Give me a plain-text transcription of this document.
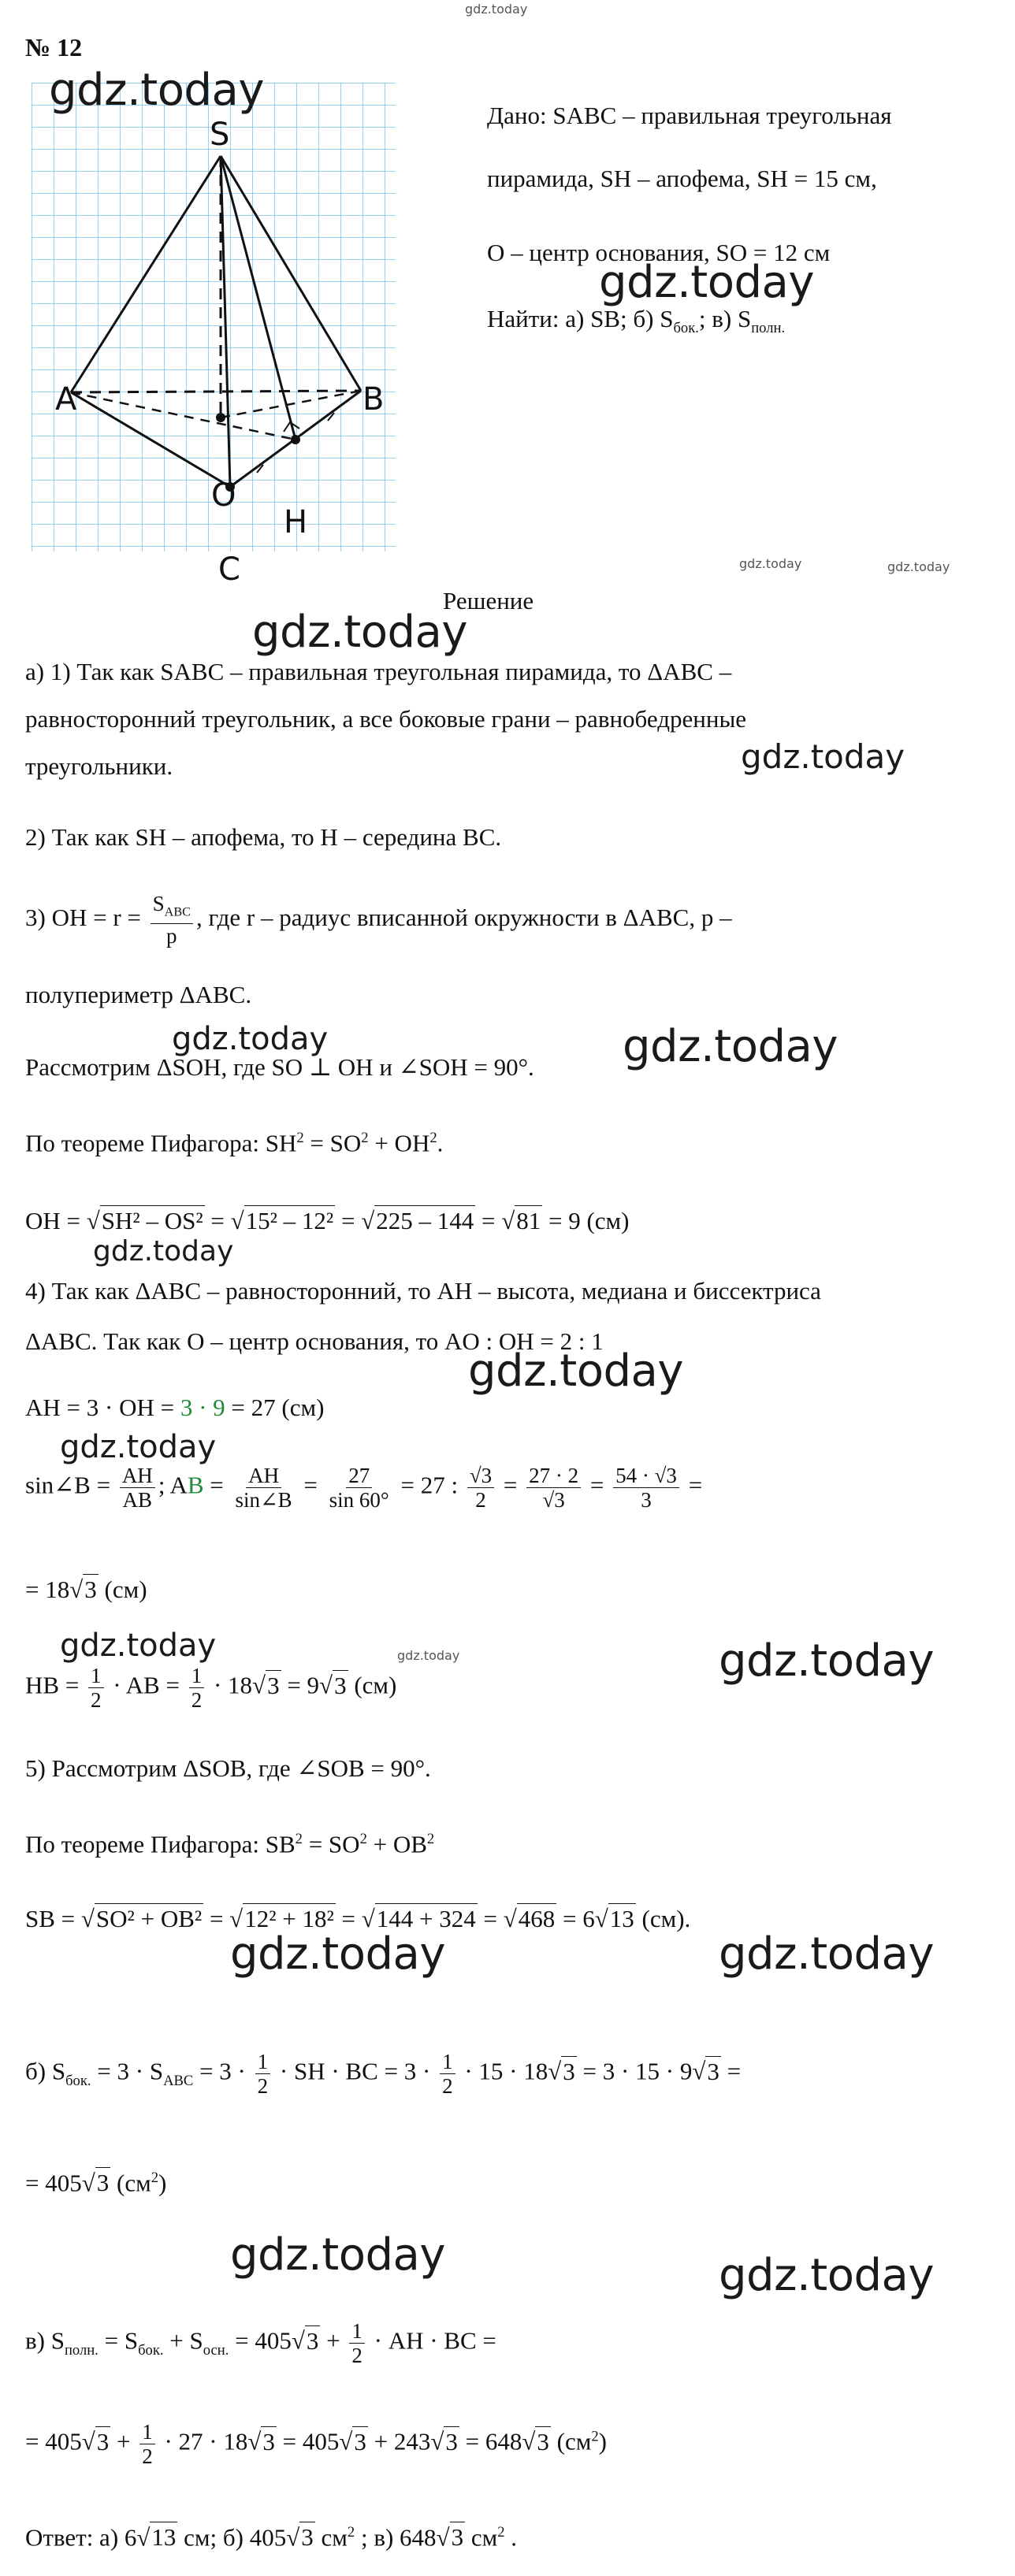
gdz.today
№ 12
S
A	B
O
H
C
gdz.today	Дано: SABC – правильная треугольная
пирамида, SH – апофема, SH = 15 см,
O – центр основания, SO = 12 см
gdz.today
Найти: а) SB; б) $S_{бок.}$; в) $S_{полн.}$
gdz.today	gdz.today
Решение
gdz.today
а) 1) Так как SABC – правильная треугольная пирамида, то ΔABC –
равносторонний треугольник, а все боковые грани – равнобедренные
треугольники.	gdz.today
2) Так как SH – апофема, то H – середина BC.
3) OH = $r = \frac{S_{ABC}}{p}$ , где r – радиус вписанной окружности в ΔABC, p –
полупериметр ΔABC.
gdz.today
Рассмотрим ΔSOH, где SO ⊥ OH и ∠SOH = 90°. gdz.today
По теореме Пифагора: $SH^2 = SO^2 + OH^2$.
OH = √SH² – OS² = √15² – 12² = √225 – 144 = √81 = 9 (см)
gdz.today
4) Так как ΔABC – равносторонний, то AH – высота, медиана и биссектриса
ΔABC. Так как O – центр основания, то AO : OH = 2 : 1
gdz.today
AH = 3 · OH = 3 · 9 = 27 (см)
gdz.today
sin∠B = $\frac{AH}{AB}$ ; AB = $\frac{AH}{\sin\angle B} = \frac{27}{\sin 60^\circ} = 27$ : $\frac{√3}{2} = \frac{27 \cdot 2}{√3} = \frac{54 \cdot √3}{3}$ =
= 18√3 (см)
gdz.today	gdz.today	gdz.today
HB = $\frac{1}{2}$ · AB = $\frac{1}{2} \cdot 18√3 = 9√3$ (см)
5) Рассмотрим ΔSOB, где ∠SOB = 90°.
По теореме Пифагора: $SB^2 = SO^2 + OB^2$
SB = √SO² + OB² = √12² + 18² = √144 + 324 = √468 = 6√13 (см).
gdz.today	gdz.today
б) $S_{бок.} = 3 \cdot S_{ABC} = 3 \cdot \frac{1}{2}$ · SH · BC = $3 \cdot \frac{1}{2} \cdot 15 \cdot 18√3 = 3 \cdot 15 \cdot 9√3$ =
= 405√3 $(см^2)$
gdz.today	gdz.today
в) $S_{полн.} = S_{бок.} + S_{осн.} = 405√3 + \frac{1}{2}$ · AH · BC =
= $405√3 + \frac{1}{2} \cdot 27 \cdot 18√3 = 405√3 + 243√3 = 648√3$ $(см^2)$
Ответ: а) 6√13 см; б) 405√3 $см^2$ ; в) 648√3 $см^2$ .
